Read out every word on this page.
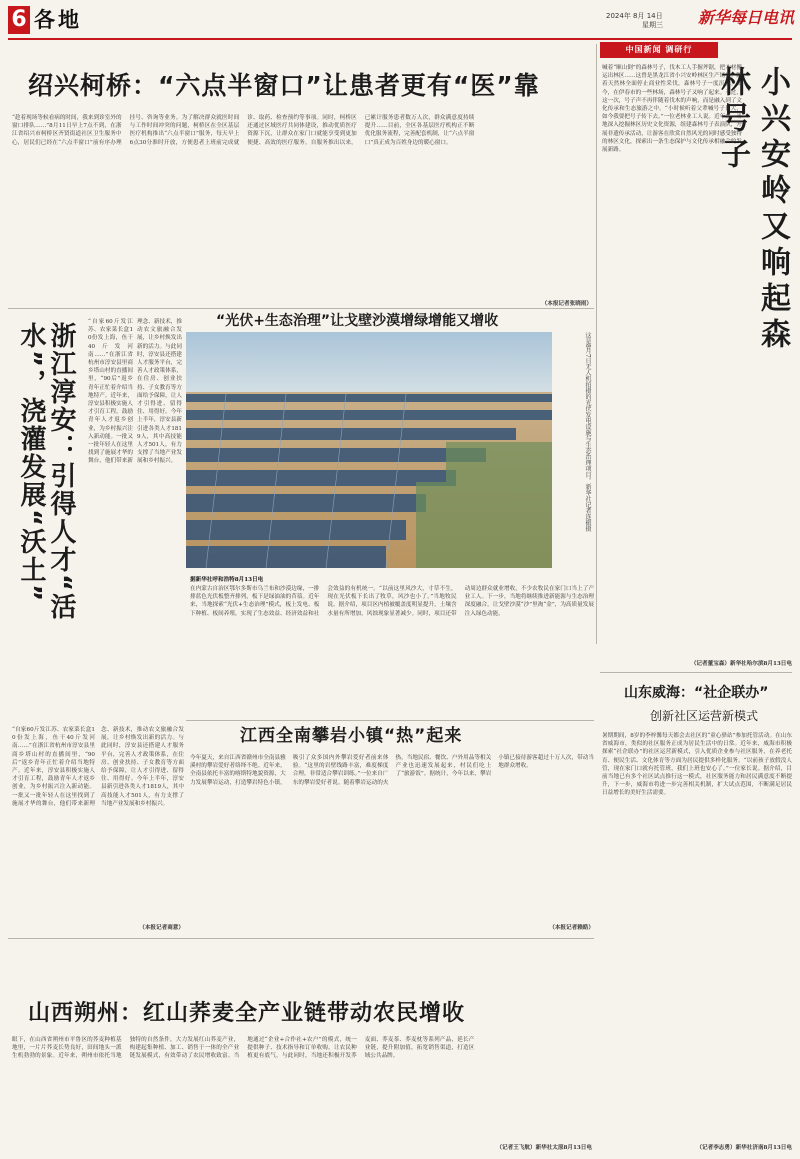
6 各地	2024年 8月 14日
星期三 新华每日电讯
中国新闻 调研行
绍兴柯桥：“六点半窗口”让患者更有“医”靠
“趁着现场等候看病的时间，我来到诊室外的窗口排队……”8月11日早上7点不到，在浙江省绍兴市柯桥区齐贤街道社区卫生服务中心，居民们已经在“六点半窗口”前有序办理挂号、咨询等业务。为了解决群众就医时间与工作时间冲突的问题，柯桥区在全区基层医疗机构推出“六点半窗口”服务，每天早上6点30分准时开放，方便患者上班前完成就诊、取药、检查预约等事项。同时，柯桥区还通过区域医疗共同体建设，推动优质医疗资源下沉，让群众在家门口就能享受到更加便捷、高效的医疗服务。自服务推出以来，已累计服务患者数万人次，群众满意度持续提升……目前，全区各基层医疗机构正不断优化服务流程，完善配套机制，让“六点半窗口”真正成为百姓身边的暖心窗口。
（本报记者张晓雨）
浙江淳安：引得人才“活水”，浇灌发展“沃土”	“自家60斤发江苏、农家菜长盒10份发上海，鱼干40斤发河南……”在浙江省杭州市淳安县里商乡塔山村的直播间里，“90后”返乡青年正忙着介绍当地特产。近年来，淳安县积极实施人才引育工程，鼓励青年人才返乡创业，为乡村振兴注入新动能。一批又一批年轻人在这里找到了施展才华的舞台，他们带来新理念、新技术，推动农文旅融合发展，让乡村焕发出新的活力。与此同时，淳安县还搭建人才服务平台，完善人才政策体系，在住房、创业扶持、子女教育等方面给予保障，让人才引得进、留得住、用得好。今年上半年，淳安县新引进各类人才1819人，其中高技能人才501人，有力支撑了当地产业发展和乡村振兴。
“自家60斤发江苏、农家菜长盒10份发上海，鱼干40斤发河南……”在浙江省杭州市淳安县里商乡塔山村的直播间里，“90后”返乡青年正忙着介绍当地特产。近年来，淳安县积极实施人才引育工程，鼓励青年人才返乡创业，为乡村振兴注入新动能。一批又一批年轻人在这里找到了施展才华的舞台，他们带来新理念、新技术，推动农文旅融合发展，让乡村焕发出新的活力。与此同时，淳安县还搭建人才服务平台，完善人才政策体系，在住房、创业扶持、子女教育等方面给予保障，让人才引得进、留得住、用得好。今年上半年，淳安县新引进各类人才1819人，其中高技能人才501人，有力支撑了当地产业发展和乡村振兴。
（本报记者商意）
“光伏+生态治理”让戈壁沙漠增绿增能又增收
这是8月7日无人机拍摄的光伏发电设施与生态治理项目。新华社记者连振摄
据新华社呼和浩特8月13日电
在内蒙古自治区鄂尔多斯市乌兰布和沙漠边缘，一排排蓝色光伏板整齐排列，板下是绿油油的苜蓿。近年来，当地探索“光伏+生态治理”模式，板上发电、板下种植、板间养殖，实现了生态效益、经济效益和社会效益的有机统一。“以前这里风沙大，寸草不生，现在光伏板下长出了牧草，风沙也小了。”当地牧民说。据介绍，项目区内植被覆盖度明显提升，土壤含水量有所增加，风蚀现象显著减少。同时，项目还带动周边群众就业增收，不少农牧民在家门口当上了产业工人。下一步，当地将继续推进新能源与生态治理深度融合，让戈壁沙漠“沙”里淘“金”，为高质量发展注入绿色动能。
江西全南攀岩小镇“热”起来
今年夏天，来自江西省赣州市全南县雅溪村的攀岩爱好者络绎不绝。近年来，全南县依托丰富的喀斯特地貌资源，大力发展攀岩运动，打造攀岩特色小镇，吸引了众多国内外攀岩爱好者前来体验。“这里的岩壁线路丰富，难度梯度合理，非常适合攀岩训练。”一位来自广东的攀岩爱好者说。随着攀岩运动的火热，当地民宿、餐饮、户外用品等相关产业也迅速发展起来，村民们吃上了“旅游饭”。据统计，今年以来，攀岩小镇已接待游客超过十万人次，带动当地群众增收。
（本报记者赖皓）
山西朔州：红山荞麦全产业链带动农民增收
眼下，在山西省朔州市平鲁区的荞麦种植基地里，一片片荞麦长势良好，田间地头一派生机勃勃的景象。近年来，朔州市依托当地独特的自然条件，大力发展红山荞麦产业，构建起集种植、加工、销售于一体的全产业链发展模式，有效带动了农民增收致富。当地通过“企业+合作社+农户”的模式，统一提供种子、技术指导和订单收购，让农民种植更有底气。与此同时，当地还积极开发荞麦面、荞麦茶、荞麦枕等系列产品，延长产业链，提升附加值，拓宽销售渠道，打造区域公共品牌。
（记者王飞航）新华社太原8月13日电
小兴安岭又响起森林号子
喊着“顺山倒”的森林号子，伐木工人手握斧锯，把木材搬运出林区……这曾是黑龙江省小兴安岭林区生产场景。随着天然林全面停止商业性采伐，森林号子一度沉寂。如今，在伊春市的一些林场，森林号子又响了起来。不过，这一次，号子声不再伴随着伐木的声响，而是融入到了文化传承和生态旅游之中。“小时候听着父辈喊号子长大，如今我要把号子传下去。”一位老林业工人说。近年来，当地深入挖掘林区历史文化资源，组建森林号子表演队，开展非遗传承活动，让游客在欣赏自然风光的同时感受独特的林区文化，探索出一条生态保护与文化传承相融合的发展新路。
（记者董宝森）新华社哈尔滨8月13日电
山东威海：“社企联办”
创新社区运营新模式
暑期期间，8岁的李梓馨每天都会去社区的“童心驿站”参加托管活动。在山东省威海市，类似的社区服务正成为居民生活中的日常。近年来，威海市积极探索“社企联办”的社区运营新模式，引入优质企业参与社区服务，在养老托育、便民生活、文化体育等方面为居民提供多样化服务。“以前孩子放假没人管，现在家门口就有托管班，我们上班也安心了。”一位家长说。据介绍，目前当地已有多个社区试点推行这一模式，社区服务能力和居民满意度不断提升，下一步，威海市将进一步完善相关机制，扩大试点范围，不断满足居民日益增长的美好生活需要。
（记者李志勇）新华社济南8月13日电
